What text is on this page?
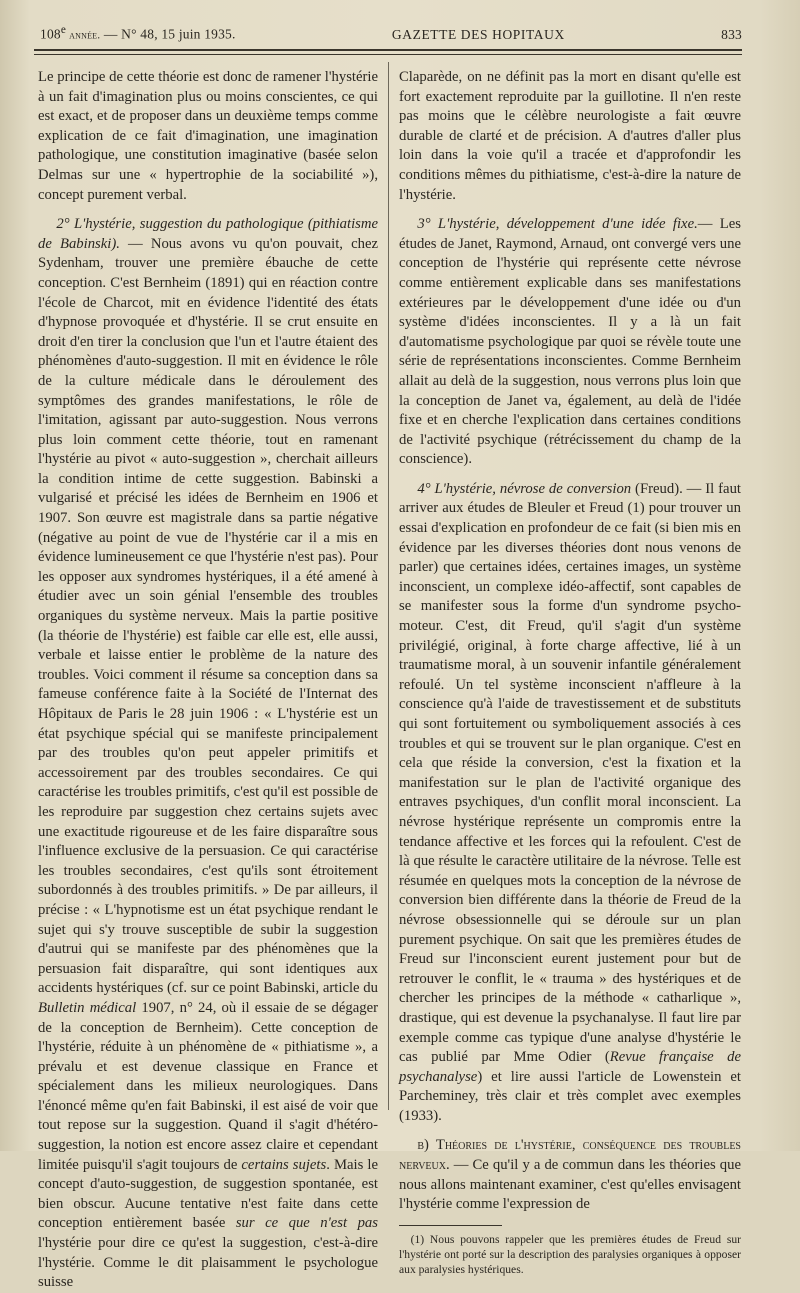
108e année. — N° 48, 15 juin 1935.	GAZETTE DES HOPITAUX	833

Le principe de cette théorie est donc de ramener l'hystérie à un fait d'imagination plus ou moins conscientes, ce qui est exact, et de proposer dans un deuxième temps comme explication de ce fait d'imagination, une imagination pathologique, une constitution imaginative (basée selon Delmas sur une « hypertrophie de la sociabilité »), concept purement verbal.

2° L'hystérie, suggestion du pathologique (pithiatisme de Babinski). — Nous avons vu qu'on pouvait, chez Sydenham, trouver une première ébauche de cette conception. C'est Bernheim (1891) qui en réaction contre l'école de Charcot, mit en évidence l'identité des états d'hypnose provoquée et d'hystérie. Il se crut ensuite en droit d'en tirer la conclusion que l'un et l'autre étaient des phénomènes d'auto-suggestion. Il mit en évidence le rôle de la culture médicale dans le déroulement des symptômes des grandes manifestations, le rôle de l'imitation, agissant par auto-suggestion. Nous verrons plus loin comment cette théorie, tout en ramenant l'hystérie au pivot « auto-suggestion », cherchait ailleurs la condition intime de cette suggestion. Babinski a vulgarisé et précisé les idées de Bernheim en 1906 et 1907. Son œuvre est magistrale dans sa partie négative (négative au point de vue de l'hystérie car il a mis en évidence lumineusement ce que l'hystérie n'est pas). Pour les opposer aux syndromes hystériques, il a été amené à étudier avec un soin génial l'ensemble des troubles organiques du système nerveux. Mais la partie positive (la théorie de l'hystérie) est faible car elle est, elle aussi, verbale et laisse entier le problème de la nature des troubles. Voici comment il résume sa conception dans sa fameuse conférence faite à la Société de l'Internat des Hôpitaux de Paris le 28 juin 1906 : « L'hystérie est un état psychique spécial qui se manifeste principalement par des troubles qu'on peut appeler primitifs et accessoirement par des troubles secondaires. Ce qui caractérise les troubles primitifs, c'est qu'il est possible de les reproduire par suggestion chez certains sujets avec une exactitude rigoureuse et de les faire disparaître sous l'influence exclusive de la persuasion. Ce qui caractérise les troubles secondaires, c'est qu'ils sont étroitement subordonnés à des troubles primitifs. » De par ailleurs, il précise : « L'hypnotisme est un état psychique rendant le sujet qui s'y trouve susceptible de subir la suggestion d'autrui qui se manifeste par des phénomènes que la persuasion fait disparaître, qui sont identiques aux accidents hystériques (cf. sur ce point Babinski, article du Bulletin médical 1907, n° 24, où il essaie de se dégager de la conception de Bernheim). Cette conception de l'hystérie, réduite à un phénomène de « pithiatisme », a prévalu et est devenue classique en France et spécialement dans les milieux neurologiques. Dans l'énoncé même qu'en fait Babinski, il est aisé de voir que tout repose sur la suggestion. Quand il s'agit d'hétéro-suggestion, la notion est encore assez claire et cependant limitée puisqu'il s'agit toujours de certains sujets. Mais le concept d'auto-suggestion, de suggestion spontanée, est bien obscur. Aucune tentative n'est faite dans cette conception entièrement basée sur ce que n'est pas l'hystérie pour dire ce qu'est la suggestion, c'est-à-dire l'hystérie. Comme le dit plaisamment le psychologue suisse

Claparède, on ne définit pas la mort en disant qu'elle est fort exactement reproduite par la guillotine. Il n'en reste pas moins que le célèbre neurologiste a fait œuvre durable de clarté et de précision. A d'autres d'aller plus loin dans la voie qu'il a tracée et d'approfondir les conditions mêmes du pithiatisme, c'est-à-dire la nature de l'hystérie.

3° L'hystérie, développement d'une idée fixe.— Les études de Janet, Raymond, Arnaud, ont convergé vers une conception de l'hystérie qui représente cette névrose comme entièrement explicable dans ses manifestations extérieures par le développement d'une idée ou d'un système d'idées inconscientes. Il y a là un fait d'automatisme psychologique par quoi se révèle toute une série de représentations inconscientes. Comme Bernheim allait au delà de la suggestion, nous verrons plus loin que la conception de Janet va, également, au delà de l'idée fixe et en cherche l'explication dans certaines conditions de l'activité psychique (rétrécissement du champ de la conscience).

4° L'hystérie, névrose de conversion (Freud). — Il faut arriver aux études de Bleuler et Freud (1) pour trouver un essai d'explication en profondeur de ce fait (si bien mis en évidence par les diverses théories dont nous venons de parler) que certaines idées, certaines images, un système inconscient, un complexe idéo-affectif, sont capables de se manifester sous la forme d'un syndrome psycho-moteur. C'est, dit Freud, qu'il s'agit d'un système privilégié, original, à forte charge affective, lié à un traumatisme moral, à un souvenir infantile généralement refoulé. Un tel système inconscient n'affleure à la conscience qu'à l'aide de travestissement et de substituts qui sont fortuitement ou symboliquement associés à ces troubles et qui se trouvent sur le plan organique. C'est en cela que réside la conversion, c'est la fixation et la manifestation sur le plan de l'activité organique des entraves psychiques, d'un conflit moral inconscient. La névrose hystérique représente un compromis entre la tendance affective et les forces qui la refoulent. C'est de là que résulte le caractère utilitaire de la névrose. Telle est résumée en quelques mots la conception de la névrose de conversion bien différente dans la théorie de Freud de la névrose obsessionnelle qui se déroule sur un plan purement psychique. On sait que les premières études de Freud sur l'inconscient eurent justement pour but de retrouver le conflit, le « trauma » des hystériques et de chercher les principes de la méthode « catharlique », drastique, qui est devenue la psychanalyse. Il faut lire par exemple comme cas typique d'une analyse d'hystérie le cas publié par Mme Odier (Revue française de psychanalyse) et lire aussi l'article de Lowenstein et Parcheminey, très clair et très complet avec exemples (1933).

b) Théories de l'hystérie, conséquence des troubles nerveux. — Ce qu'il y a de commun dans les théories que nous allons maintenant examiner, c'est qu'elles envisagent l'hystérie comme l'expression de

(1) Nous pouvons rappeler que les premières études de Freud sur l'hystérie ont porté sur la description des paralysies organiques à opposer aux paralysies hystériques.
